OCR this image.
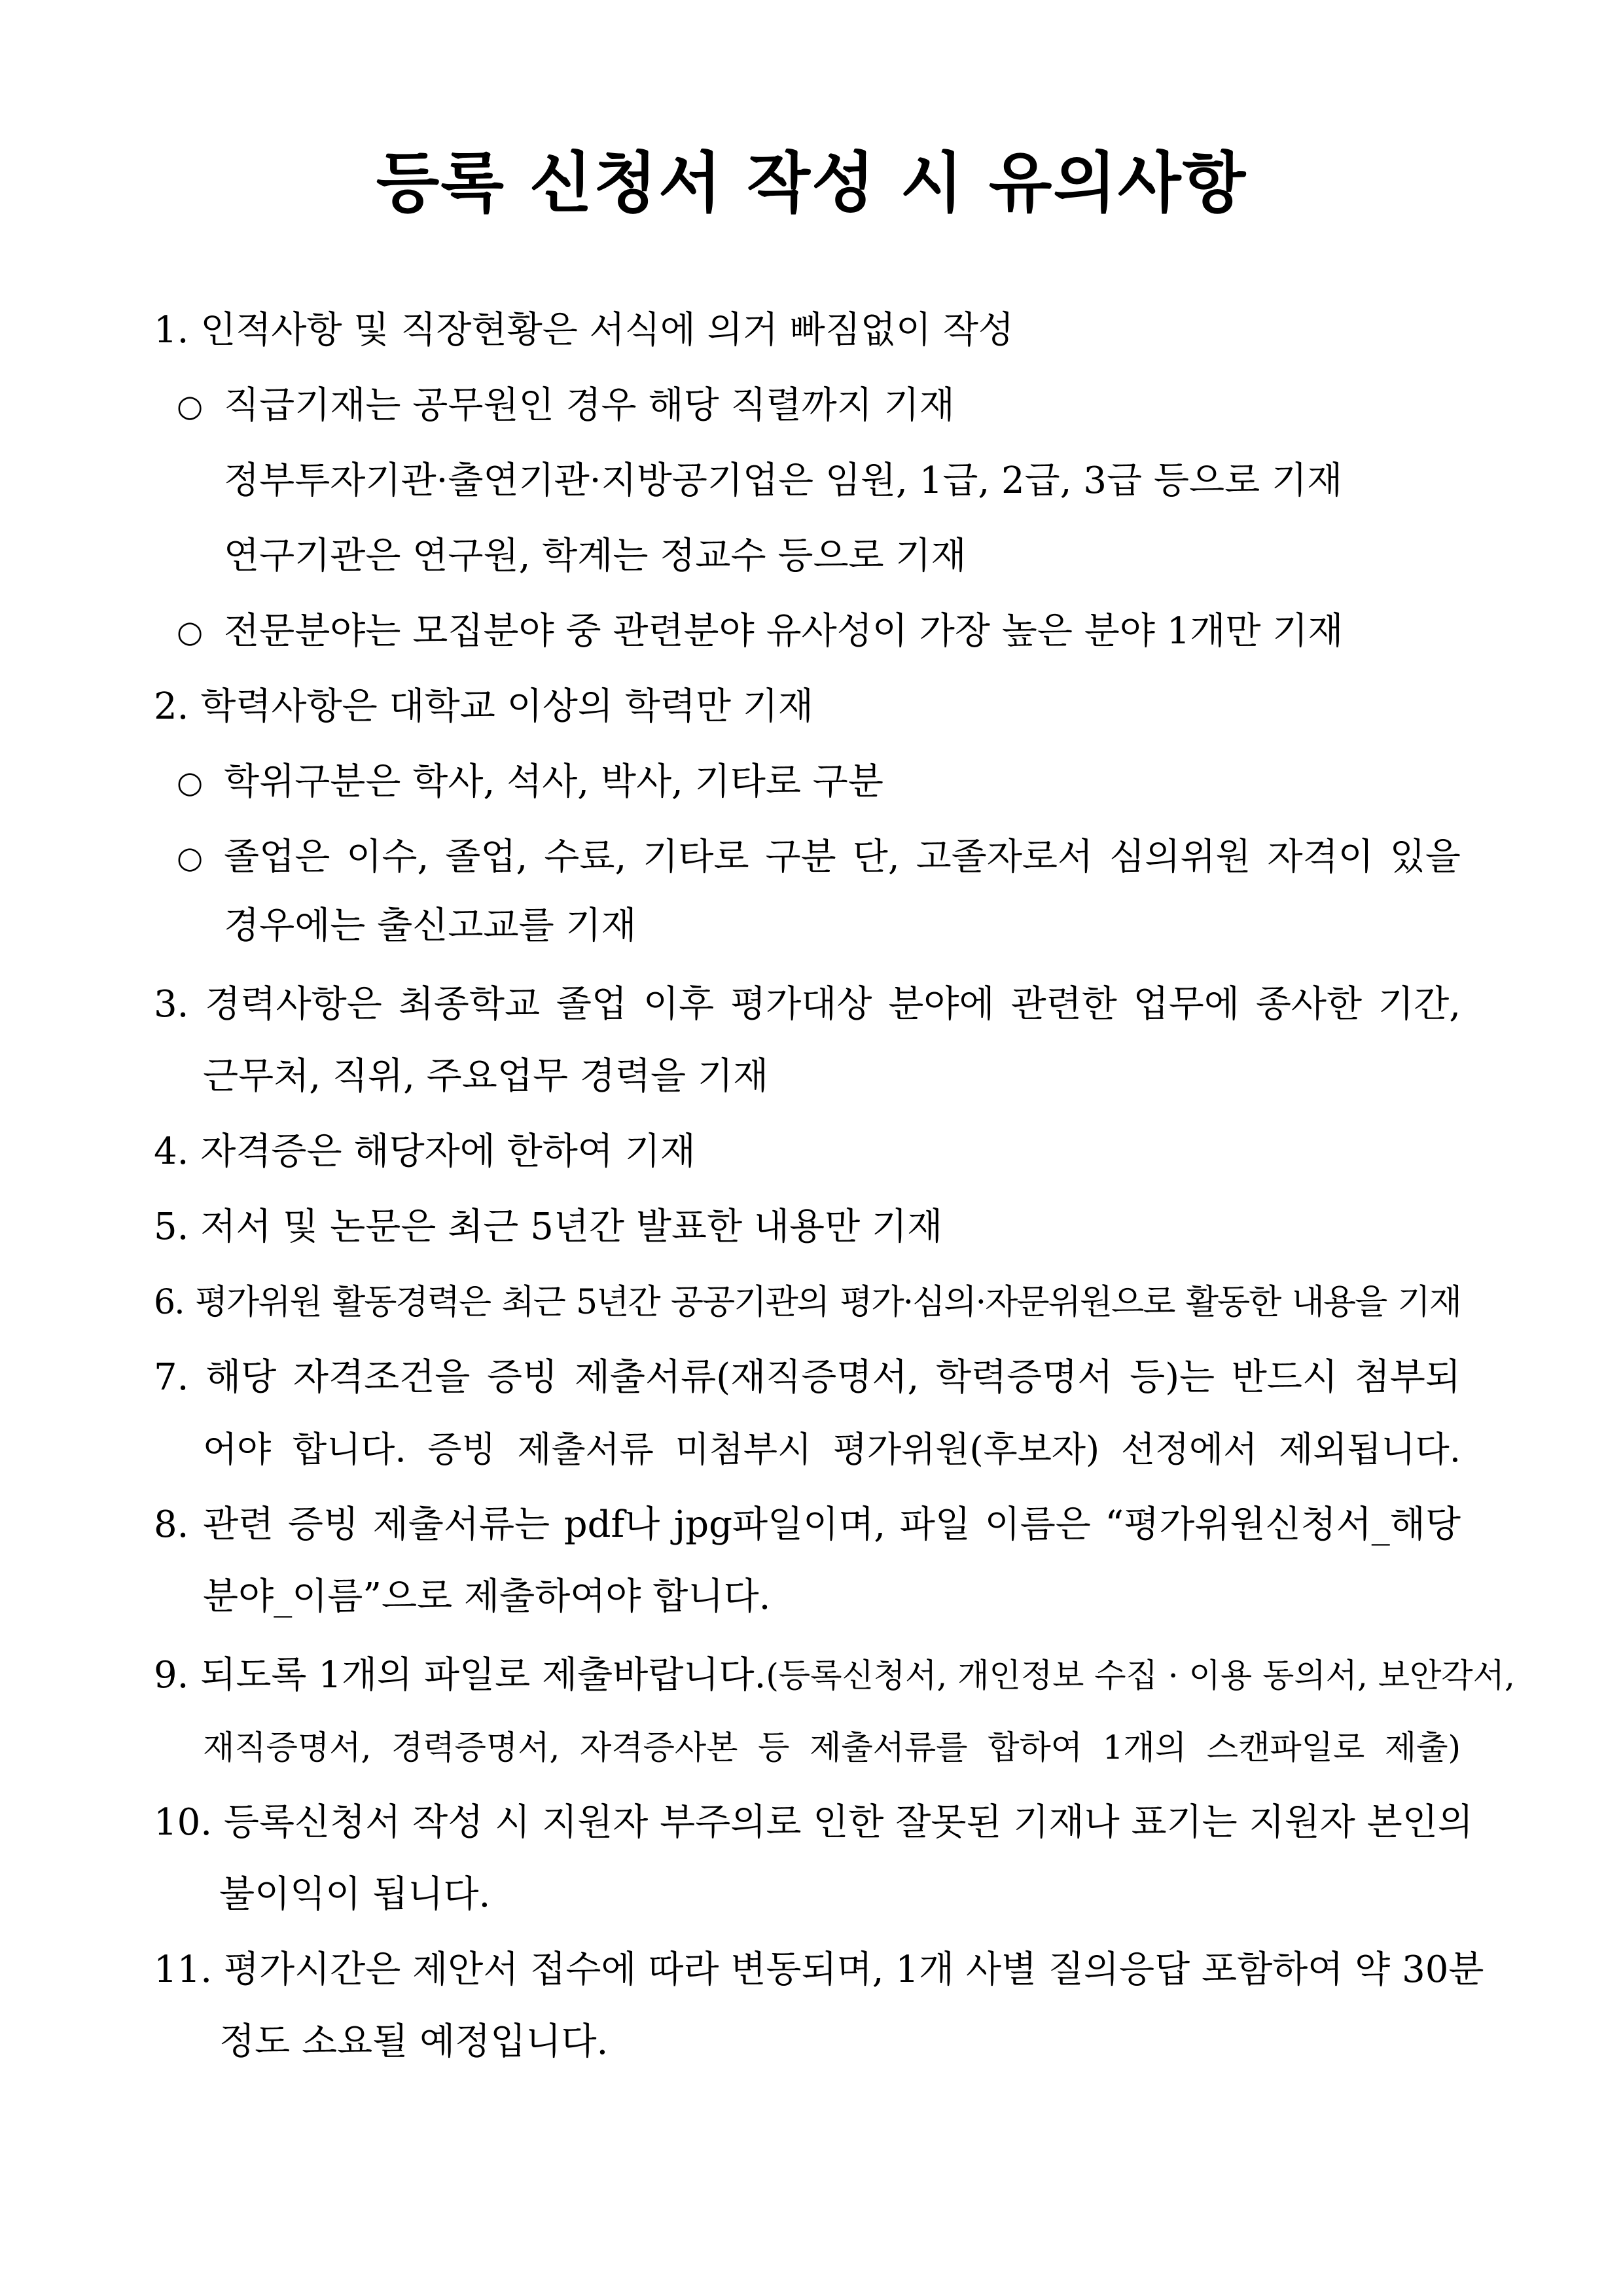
등록 신청서 작성 시 유의사항
1. 인적사항 및 직장현황은 서식에 의거 빠짐없이 작성
○ 직급기재는 공무원인 경우 해당 직렬까지 기재
정부투자기관·출연기관·지방공기업은 임원, 1급, 2급, 3급 등으로 기재
연구기관은 연구원, 학계는 정교수 등으로 기재
○ 전문분야는 모집분야 중 관련분야 유사성이 가장 높은 분야 1개만 기재
2. 학력사항은 대학교 이상의 학력만 기재
○ 학위구분은 학사, 석사, 박사, 기타로 구분
○ 졸업은 이수, 졸업, 수료, 기타로 구분 단, 고졸자로서 심의위원 자격이 있을
경우에는 출신고교를 기재
3. 경력사항은 최종학교 졸업 이후 평가대상 분야에 관련한 업무에 종사한 기간,
근무처, 직위, 주요업무 경력을 기재
4. 자격증은 해당자에 한하여 기재
5. 저서 및 논문은 최근 5년간 발표한 내용만 기재
6. 평가위원 활동경력은 최근 5년간 공공기관의 평가·심의·자문위원으로 활동한 내용을 기재
7. 해당 자격조건을 증빙 제출서류(재직증명서, 학력증명서 등)는 반드시 첨부되
어야 합니다. 증빙 제출서류 미첨부시 평가위원(후보자) 선정에서 제외됩니다.
8. 관련 증빙 제출서류는 pdf나 jpg파일이며, 파일 이름은 “평가위원신청서_해당
분야_이름”으로 제출하여야 합니다.
9. 되도록 1개의 파일로 제출바랍니다. (등록신청서, 개인정보 수집 · 이용 동의서, 보안각서,
재직증명서, 경력증명서, 자격증사본 등 제출서류를 합하여 1개의 스캔파일로 제출)
10. 등록신청서 작성 시 지원자 부주의로 인한 잘못된 기재나 표기는 지원자 본인의
불이익이 됩니다.
11. 평가시간은 제안서 접수에 따라 변동되며, 1개 사별 질의응답 포함하여 약 30분
정도 소요될 예정입니다.
